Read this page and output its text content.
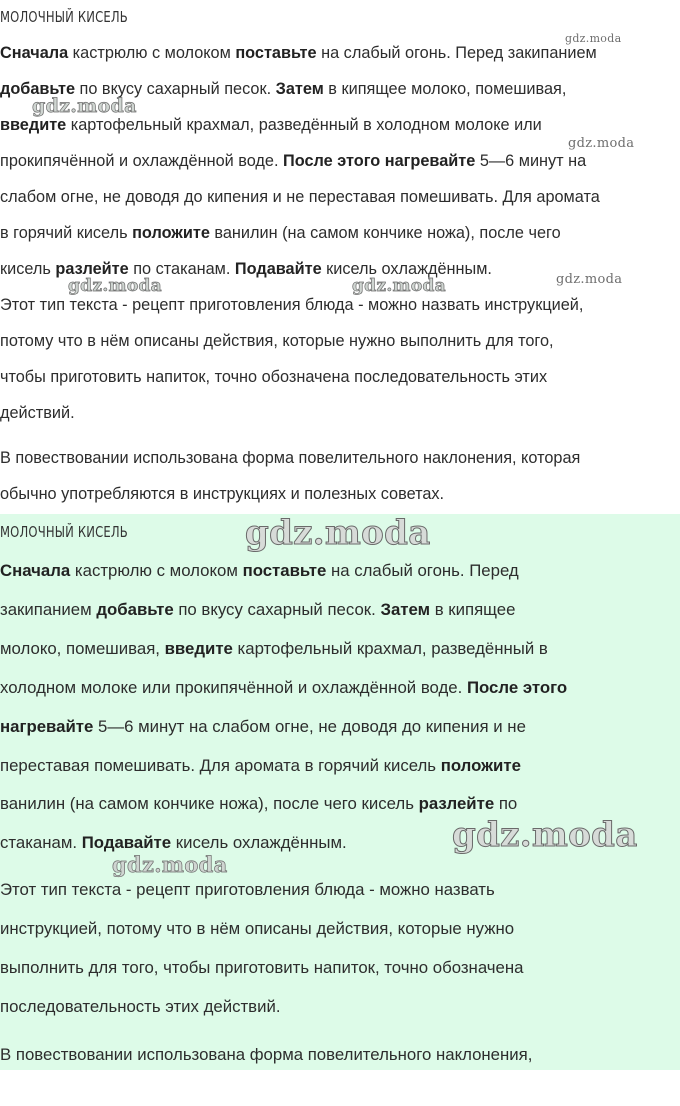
МОЛОЧНЫЙ КИСЕЛЬ
Сначала кастрюлю с молоком поставьте на слабый огонь. Перед закипанием
добавьте по вкусу сахарный песок. Затем в кипящее молоко, помешивая,
введите картофельный крахмал, разведённый в холодном молоке или
прокипячённой и охлаждённой воде. После этого нагревайте 5—6 минут на
слабом огне, не доводя до кипения и не переставая помешивать. Для аромата
в горячий кисель положите ванилин (на самом кончике ножа), после чего
кисель разлейте по стаканам. Подавайте кисель охлаждённым.
Этот тип текста - рецепт приготовления блюда - можно назвать инструкцией,
потому что в нём описаны действия, которые нужно выполнить для того,
чтобы приготовить напиток, точно обозначена последовательность этих
действий.
В повествовании использована форма повелительного наклонения, которая
обычно употребляются в инструкциях и полезных советах.
МОЛОЧНЫЙ КИСЕЛЬ
Сначала кастрюлю с молоком поставьте на слабый огонь. Перед
закипанием добавьте по вкусу сахарный песок. Затем в кипящее
молоко, помешивая, введите картофельный крахмал, разведённый в
холодном молоке или прокипячённой и охлаждённой воде. После этого
нагревайте 5—6 минут на слабом огне, не доводя до кипения и не
переставая помешивать. Для аромата в горячий кисель положите
ванилин (на самом кончике ножа), после чего кисель разлейте по
стаканам. Подавайте кисель охлаждённым.
Этот тип текста - рецепт приготовления блюда - можно назвать
инструкцией, потому что в нём описаны действия, которые нужно
выполнить для того, чтобы приготовить напиток, точно обозначена
последовательность этих действий.
В повествовании использована форма повелительного наклонения,
gdz.moda
gdz.moda
gdz.moda
gdz.moda	gdz.moda	gdz.moda
gdz.moda
gdz.moda
gdz.moda
